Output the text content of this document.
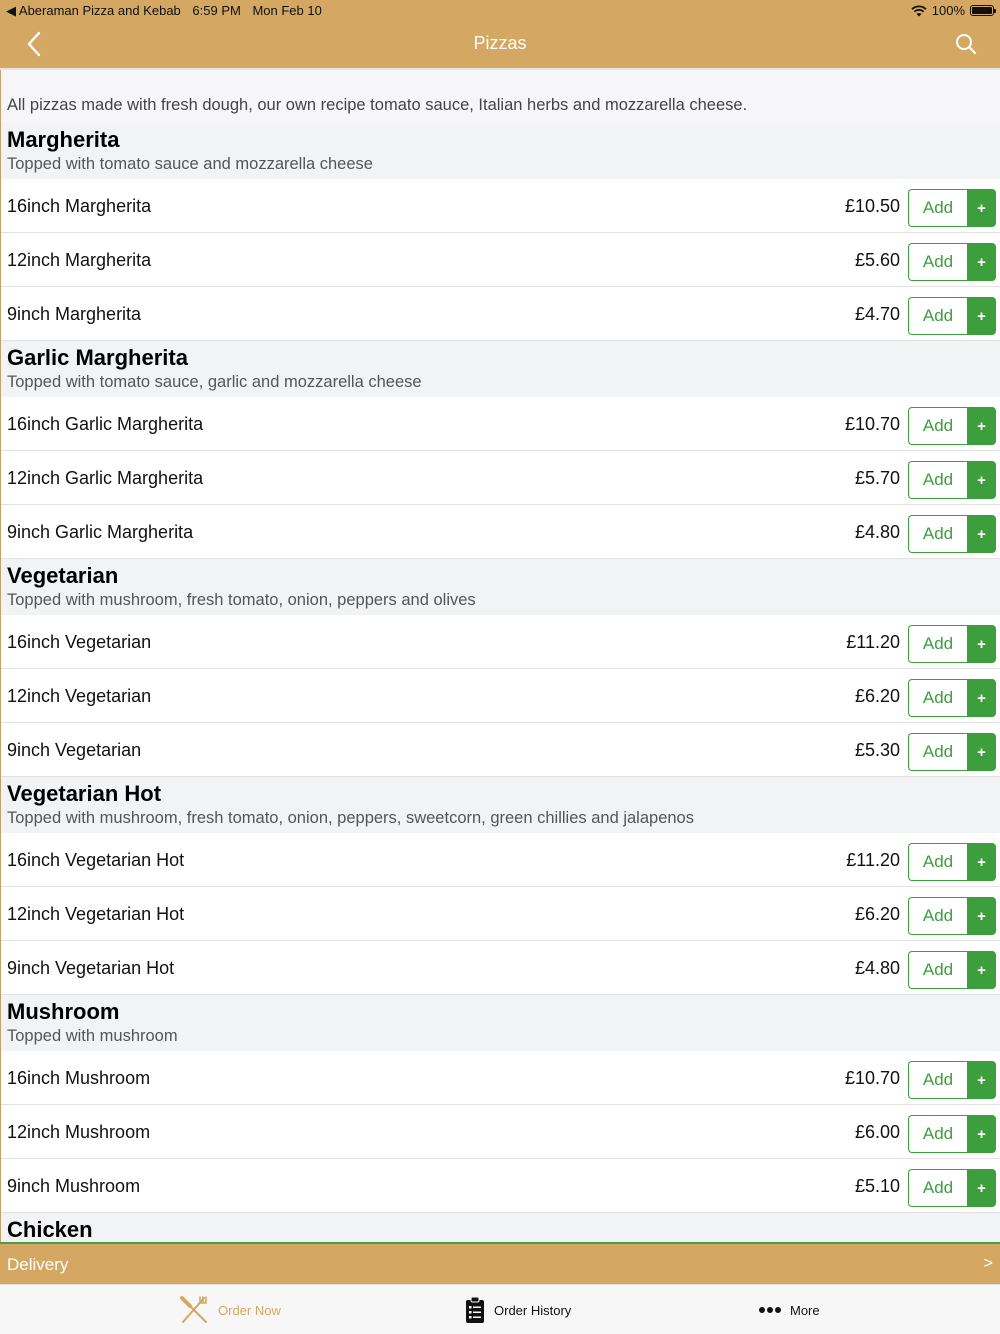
◀ Aberaman Pizza and Kebab 6:59 PM Mon Feb 10	100%
Pizzas
All pizzas made with fresh dough, our own recipe tomato sauce, Italian herbs and mozzarella cheese.
Margherita
Topped with tomato sauce and mozzarella cheese
16inch Margherita	£10.50	Add	+
12inch Margherita	£5.60	Add	+
9inch Margherita	£4.70	Add	+
Garlic Margherita
Topped with tomato sauce, garlic and mozzarella cheese
16inch Garlic Margherita	£10.70	Add	+
12inch Garlic Margherita	£5.70	Add	+
9inch Garlic Margherita	£4.80	Add	+
Vegetarian
Topped with mushroom, fresh tomato, onion, peppers and olives
16inch Vegetarian	£11.20	Add	+
12inch Vegetarian	£6.20	Add	+
9inch Vegetarian	£5.30	Add	+
Vegetarian Hot
Topped with mushroom, fresh tomato, onion, peppers, sweetcorn, green chillies and jalapenos
16inch Vegetarian Hot	£11.20	Add	+
12inch Vegetarian Hot	£6.20	Add	+
9inch Vegetarian Hot	£4.80	Add	+
Mushroom
Topped with mushroom
16inch Mushroom	£10.70	Add	+
12inch Mushroom	£6.00	Add	+
9inch Mushroom	£5.10	Add	+
Chicken
Delivery	>
Order Now	Order History	More
